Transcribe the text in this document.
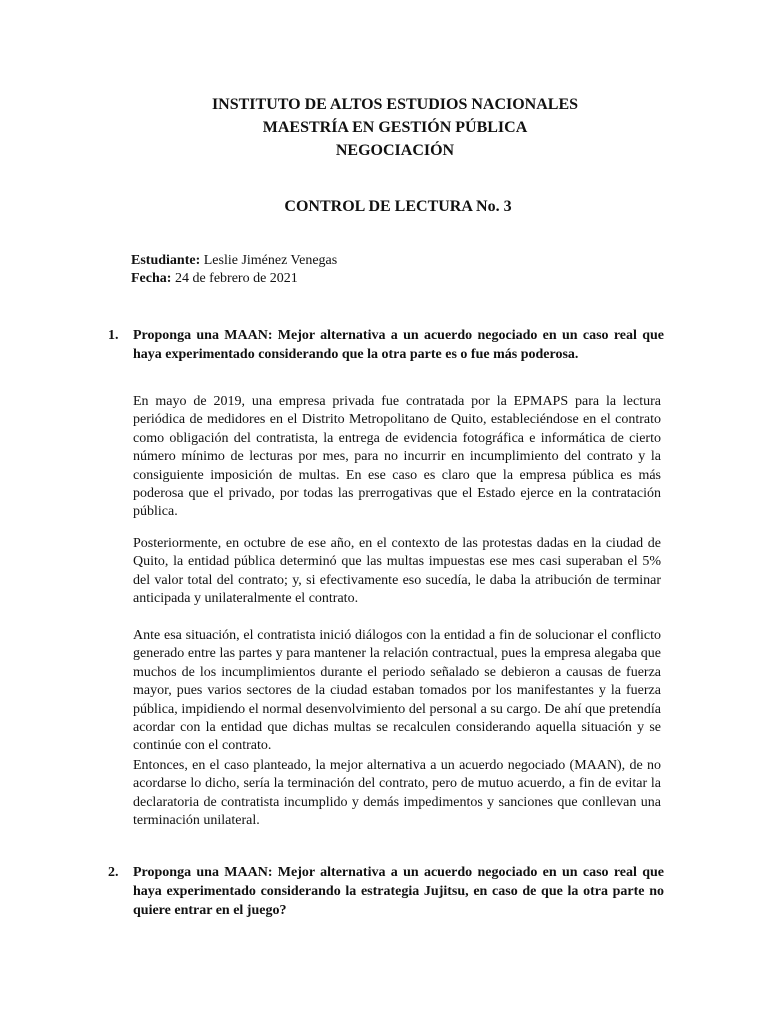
INSTITUTO DE ALTOS ESTUDIOS NACIONALES
MAESTRÍA EN GESTIÓN PÚBLICA
NEGOCIACIÓN
CONTROL DE LECTURA No. 3
Estudiante: Leslie Jiménez Venegas
Fecha: 24 de febrero de 2021
1. Proponga una MAAN: Mejor alternativa a un acuerdo negociado en un caso real que haya experimentado considerando que la otra parte es o fue más poderosa.

En mayo de 2019, una empresa privada fue contratada por la EPMAPS para la lectura periódica de medidores en el Distrito Metropolitano de Quito, estableciéndose en el contrato como obligación del contratista, la entrega de evidencia fotográfica e informática de cierto número mínimo de lecturas por mes, para no incurrir en incumplimiento del contrato y la consiguiente imposición de multas. En ese caso es claro que la empresa pública es más poderosa que el privado, por todas las prerrogativas que el Estado ejerce en la contratación pública.

Posteriormente, en octubre de ese año, en el contexto de las protestas dadas en la ciudad de Quito, la entidad pública determinó que las multas impuestas ese mes casi superaban el 5% del valor total del contrato; y, si efectivamente eso sucedía, le daba la atribución de terminar anticipada y unilateralmente el contrato.

Ante esa situación, el contratista inició diálogos con la entidad a fin de solucionar el conflicto generado entre las partes y para mantener la relación contractual, pues la empresa alegaba que muchos de los incumplimientos durante el periodo señalado se debieron a causas de fuerza mayor, pues varios sectores de la ciudad estaban tomados por los manifestantes y la fuerza pública, impidiendo el normal desenvolvimiento del personal a su cargo. De ahí que pretendía acordar con la entidad que dichas multas se recalculen considerando aquella situación y se continúe con el contrato.

Entonces, en el caso planteado, la mejor alternativa a un acuerdo negociado (MAAN), de no acordarse lo dicho, sería la terminación del contrato, pero de mutuo acuerdo, a fin de evitar la declaratoria de contratista incumplido y demás impedimentos y sanciones que conllevan una terminación unilateral.

2. Proponga una MAAN: Mejor alternativa a un acuerdo negociado en un caso real que haya experimentado considerando la estrategia Jujitsu, en caso de que la otra parte no quiere entrar en el juego?
